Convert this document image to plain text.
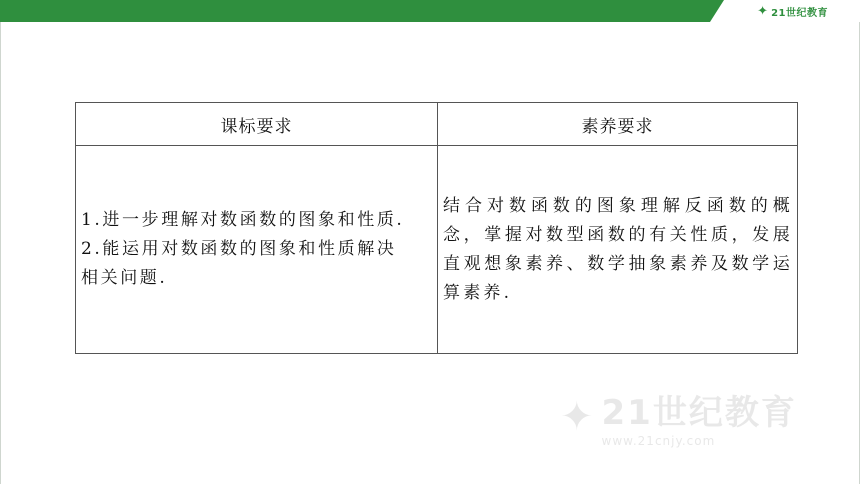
✦ 21世纪教育
课标要求	素养要求
1.进一步理解对数函数的图象和性质.
2.能运用对数函数的图象和性质解决
相关问题.
结合对数函数的图象理解反函数的概念，掌握对数型函数的有关性质，发展直观想象素养、数学抽象素养及数学运算素养.
✦ 21世纪教育
www.21cnjy.com
